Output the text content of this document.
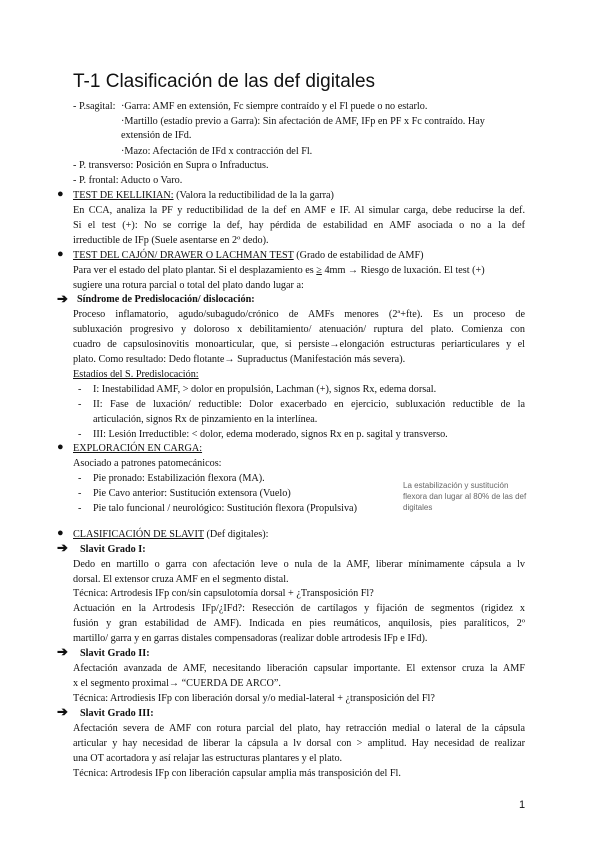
T-1 Clasificación de las def digitales
- P.sagital: ·Garra: AMF en extensión, Fc siempre contraído y el Fl puede o no estarlo.
·Martillo (estadío previo a Garra): Sin afectación de AMF, IFp en PF x Fc contraído. Hay
extensión de IFd.
·Mazo: Afectación de IFd x contracción del Fl.
- P. transverso: Posición en Supra o Infraductus.
- P. frontal: Aducto o Varo.
● TEST DE KELLIKIAN: (Valora la reductibilidad de la la garra)
En CCA, analiza la PF y reductibilidad de la def en AMF e IF. Al simular carga, debe reducirse la def.
Si el test (+): No se corrige la def, hay pérdida de estabilidad en AMF asociada o no a la def
irreductible de IFp (Suele asentarse en 2º dedo).
● TEST DEL CAJÓN/ DRAWER O LACHMAN TEST (Grado de estabilidad de AMF)
Para ver el estado del plato plantar. Si el desplazamiento es ≥ 4mm → Riesgo de luxación. El test (+)
sugiere una rotura parcial o total del plato dando lugar a:
➔ Síndrome de Predislocación/ dislocación:
Proceso inflamatorio, agudo/subagudo/crónico de AMFs menores (2ª+fte). Es un proceso de
subluxación progresivo y doloroso x debilitamiento/ atenuación/ ruptura del plato. Comienza con
cuadro de capsulosinovitis monoarticular, que, si persiste→elongación estructuras periarticulares y el
plato. Como resultado: Dedo flotante→ Supraductus (Manifestación más severa).
Estadíos del S. Predislocación:
- I: Inestabilidad AMF, > dolor en propulsión, Lachman (+), signos Rx, edema dorsal.
- II: Fase de luxación/ reductible: Dolor exacerbado en ejercicio, subluxación reductible de la
articulación, signos Rx de pinzamiento en la interlínea.
- III: Lesión Irreductible: < dolor, edema moderado, signos Rx en p. sagital y transverso.
● EXPLORACIÓN EN CARGA:
Asociado a patrones patomecánicos:
- Pie pronado: Estabilización flexora (MA).
- Pie Cavo anterior: Sustitución extensora (Vuelo)
- Pie talo funcional / neurológico: Sustitución flexora (Propulsiva)
La estabilización y sustitución
flexora dan lugar al 80% de las def
digitales
● CLASIFICACIÓN DE SLAVIT (Def digitales):
➔ Slavit Grado I:
Dedo en martillo o garra con afectación leve o nula de la AMF, liberar mínimamente cápsula a lv
dorsal. El extensor cruza AMF en el segmento distal.
Técnica: Artrodesis IFp con/sin capsulotomía dorsal + ¿Transposición Fl?
Actuación en la Artrodesis IFp/¿IFd?: Resección de cartílagos y fijación de segmentos (rigidez x
fusión y gran estabilidad de AMF). Indicada en pies reumáticos, anquilosis, pies paralíticos, 2º
martillo/ garra y en garras distales compensadoras (realizar doble artrodesis IFp e IFd).
➔ Slavit Grado II:
Afectación avanzada de AMF, necesitando liberación capsular importante. El extensor cruza la AMF
x el segmento proximal→ “CUERDA DE ARCO”.
Técnica: Artrodiesis IFp con liberación dorsal y/o medial-lateral + ¿transposición del Fl?
➔ Slavit Grado III:
Afectación severa de AMF con rotura parcial del plato, hay retracción medial o lateral de la cápsula
articular y hay necesidad de liberar la cápsula a lv dorsal con > amplitud. Hay necesidad de realizar
una OT acortadora y así relajar las estructuras plantares y el plato.
Técnica: Artrodesis IFp con liberación capsular amplia más transposición del Fl.
1
